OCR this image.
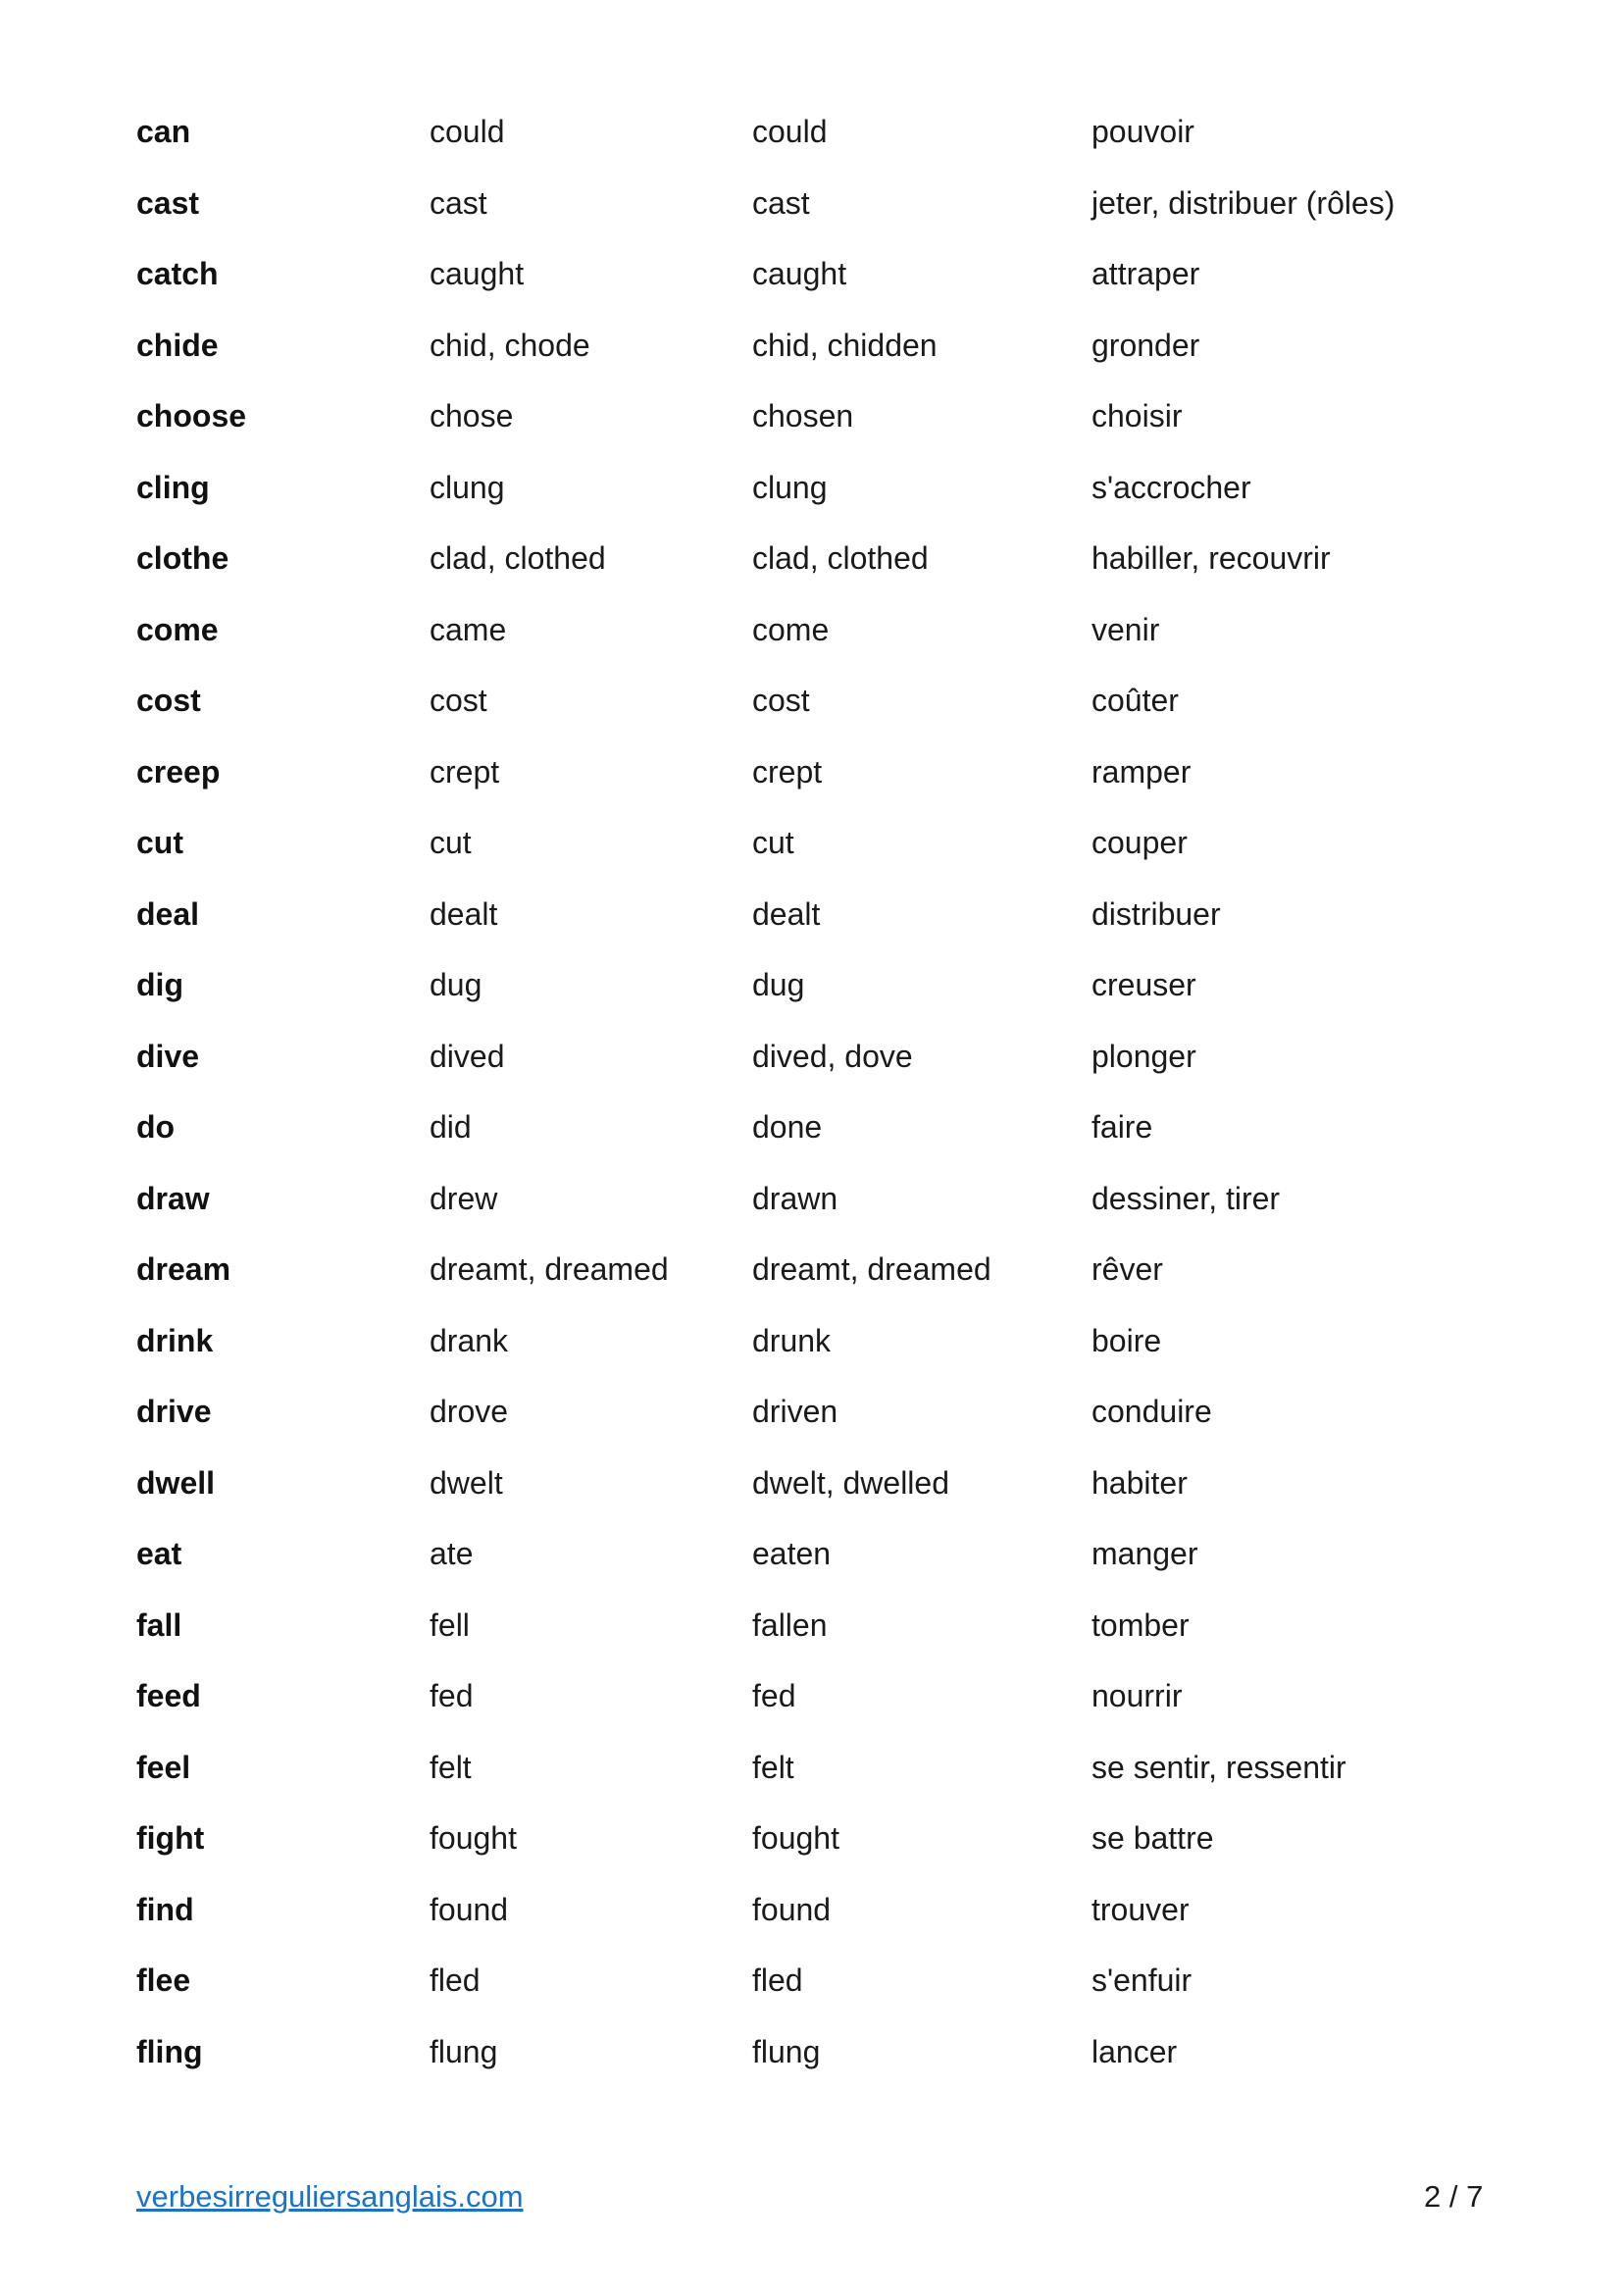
can	could	could	pouvoir
cast	cast	cast	jeter, distribuer (rôles)
catch	caught	caught	attraper
chide	chid, chode	chid, chidden	gronder
choose	chose	chosen	choisir
cling	clung	clung	s'accrocher
clothe	clad, clothed	clad, clothed	habiller, recouvrir
come	came	come	venir
cost	cost	cost	coûter
creep	crept	crept	ramper
cut	cut	cut	couper
deal	dealt	dealt	distribuer
dig	dug	dug	creuser
dive	dived	dived, dove	plonger
do	did	done	faire
draw	drew	drawn	dessiner, tirer
dream	dreamt, dreamed	dreamt, dreamed	rêver
drink	drank	drunk	boire
drive	drove	driven	conduire
dwell	dwelt	dwelt, dwelled	habiter
eat	ate	eaten	manger
fall	fell	fallen	tomber
feed	fed	fed	nourrir
feel	felt	felt	se sentir, ressentir
fight	fought	fought	se battre
find	found	found	trouver
flee	fled	fled	s'enfuir
fling	flung	flung	lancer
verbesirreguliersanglais.com	2 / 7
